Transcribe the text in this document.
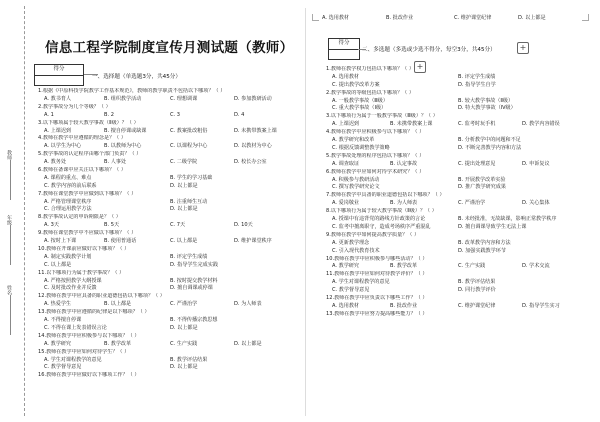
教师：
年级：
姓名：
信息工程学院制度宣传月测试题（教师）
得分
一、选择题（单选题3分，共45分）
1.根据《中原科技学院教学工作基本规范》，教师的教学职责不包括以下哪项？（ ）
A. 教书育人	B. 组织教学活动	C. 理想调课	D. 参加教研活动
2.教学事故分为几个等级？（ ）
A. 1	B. 2	C. 3	D. 4
3.以下哪项属于较大教学事故（Ⅱ级）？（ ）
A. 上课迟到	B. 擅自停课或缺课	C. 教案批改粗俗	D. 未携带教案上课
4.教师在教学中应遵循的理念是？（ ）
A. 以学生为中心	B. 以教师为中心	C. 以课程为中心	D. 以教材为中心
5.教学事故的认定程序由哪个部门负责？（ ）
A. 教务处	B. 人事处	C. 二级学院	D. 校长办公室
6.教师在备课中应关注以下哪项？（ ）
A. 课程的重点、难点	B. 学生的学习基础
C. 教学内容的前后联系	D. 以上都是
7.教师在课堂教学中应做到以下哪项？（ ）
A. 严格管理课堂秩序	B. 注重师生互动
C. 合理运用教学方法	D. 以上都是
8.教学事故认定的申诉期限是？（ ）
A. 3天	B. 5天	C. 7天	D. 10天
9.教师在课堂教学中不应做以下哪项？（ ）
A. 按时上下课	B. 使用普通话	C. 以上都是	D. 维护课堂秩序
10.教师在开课前应做好以下哪项？（ ）
A. 制定实践教学计划	B. 评定学生成绩
C. 以上都是	D. 指导学生完成实践
11.以下哪项行为属于教学事故？（ ）
A. 严格按照教学大纲授课	B. 按时提交教学材料
C. 及时批改作业并反馈	D. 擅自调课或停课
12.教师在教学中应具备的职业道德包括以下哪项？（ ）
A. 热爱学生	B. 以上都是	C. 严谨治学	D. 为人师表
13.教师在教学中应遵循的纪律是以下哪项？（ ）
A. 不得擅自停课	B. 不得传播宗教思想
C. 不得在课上发表错误言论	D. 以上都是
14.教师在教学中应积极参与以下哪项？（ ）
A. 教学研究	B. 教学改革	C. 生产实践	D. 以上都是
15.教师在教学中应如何对待学生？（ ）
A. 学生对课程教学的意见	B. 教学评估结果
C. 教学督导意见	D. 以上都是
16.教师在教学中应做好以下哪项工作？（ ）
A. 选用教材	B. 批改作业	C. 维护课堂纪律	D. 以上都是
得分
二、多选题（多选或少选不得分，每空3分，共45分）	+
+
1.教师在教学权力包括以下哪项？（ ）
A. 选用教材	B. 评定学生成绩
C. 提出教学改革方案	D. 指导学生自学
2.教学事故的等级包括以下哪项？（ ）
A. 一般教学事故（Ⅲ级）	B. 较大教学事故（Ⅱ级）
C. 重大教学事故（Ⅰ级）	D. 特大教学事故（Ⅳ级）
3.以下哪项行为属于一般教学事故（Ⅲ级）？（ ）
A. 上课迟到	B. 未携带教案上课	C. 监考时玩手机	D. 教学内容错误
4.教师在教学中应积极参与以下哪项？（ ）
A. 教学研究和改革	B. 分析教学中的问题和不足
C. 根据反馈调整教学策略	D. 不断完善教学内容和方法
5.教学事故处理的程序包括以下哪项？（ ）
A. 调查取证	B. 认定事故	C. 提出处理意见	D. 申诉复议
6.教师在教学中应如何对待学术研究？（ ）
A. 积极参与教研活动	B. 开展教学改革实验
C. 撰写教学研究论文	D. 推广教学研究成果
7.教师在教学中具备的职业道德包括以下哪项？（ ）
A. 爱岗敬业	B. 为人师表	C. 严谨治学	D. 关心集体
8.以下哪项行为属于较大教学事故（Ⅱ级）？（ ）
A. 授课中有违背党的路线方针政策的言论	B. 未经批准，无故缺课，影响正常教学秩序
C. 监考中擅离职守，造成考场秩序严重混乱	D. 擅自调课导致学生无法上课
9.教师在教学中如何提高教学质量？（ ）
A. 更新教学理念	B. 改革教学内容和方法
C. 引入现代教育技术	D. 加强实践教学环节
10.教师在教学中应积极参与哪些活动？（ ）
A. 教学研究	B. 教学改革	C. 生产实践	D. 学术交流
11.教师在教学中应如何对待教学评价？（ ）
A. 学生对课程教学的意见	B. 教学评估结果
C. 教学督导意见	D. 同行教学评价
12.教师在教学中应负责以下哪些工作？（ ）
A. 选用教材	B. 批改作业	C. 维护课堂纪律	D. 指导学生实习
13.教师在教学中应努力提高哪些能力？（ ）
